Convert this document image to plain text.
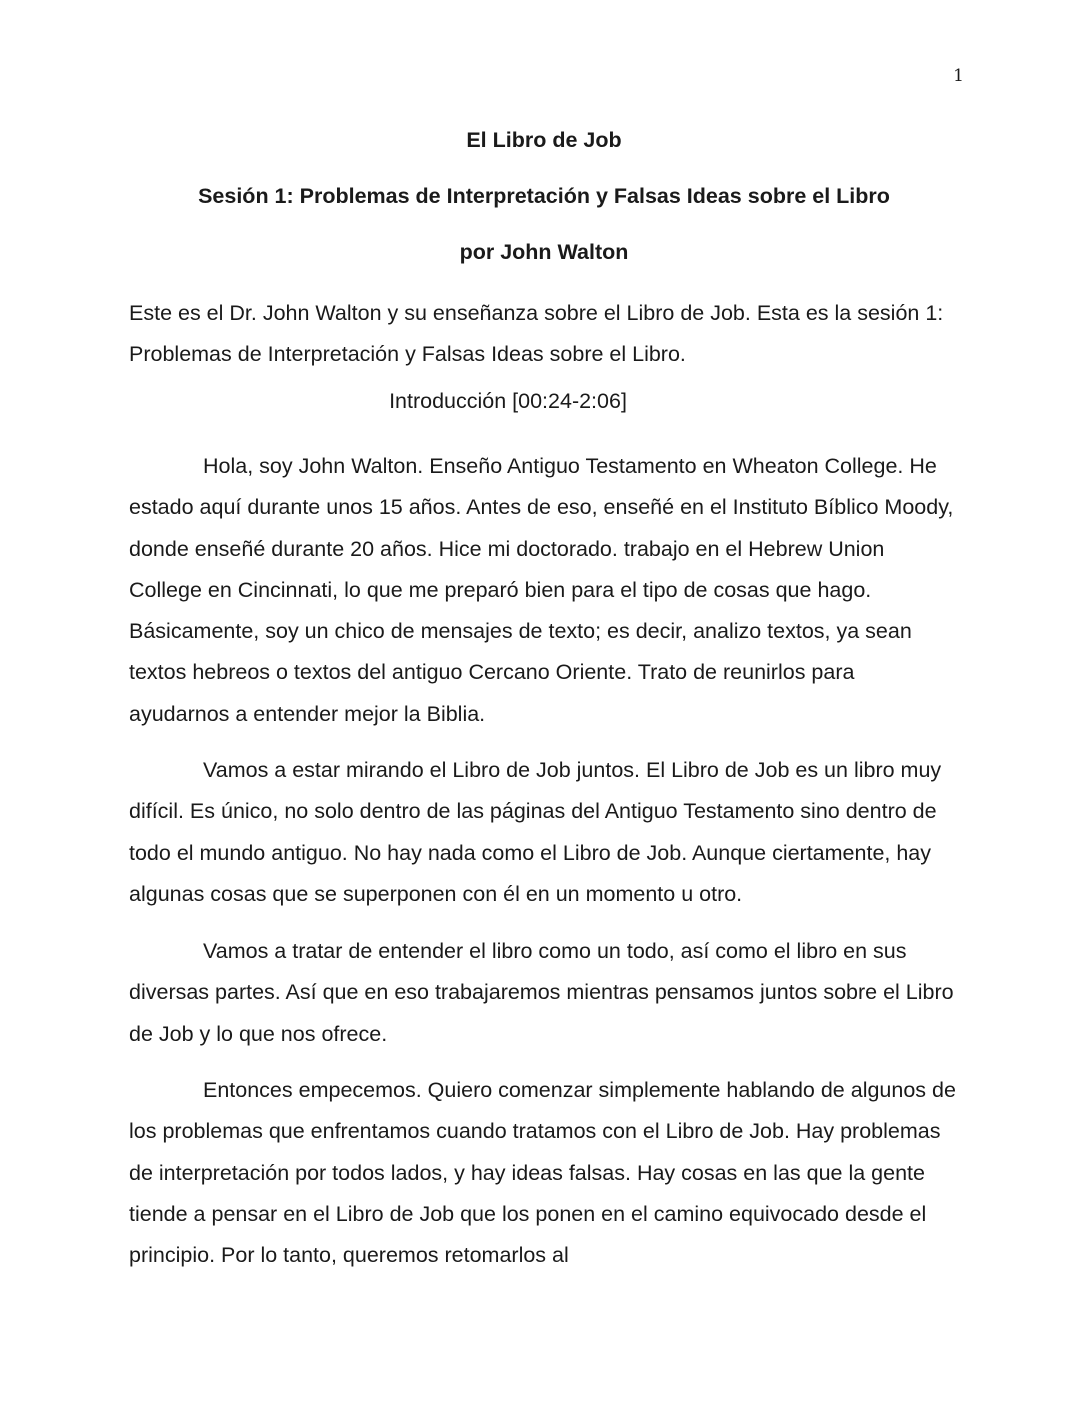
1
El Libro de Job
Sesión 1: Problemas de Interpretación y Falsas Ideas sobre el Libro
por John Walton

Este es el Dr. John Walton y su enseñanza sobre el Libro de Job. Esta es la sesión 1: Problemas de Interpretación y Falsas Ideas sobre el Libro.

Introducción [00:24-2:06]

Hola, soy John Walton. Enseño Antiguo Testamento en Wheaton College. He estado aquí durante unos 15 años. Antes de eso, enseñé en el Instituto Bíblico Moody, donde enseñé durante 20 años. Hice mi doctorado. trabajo en el Hebrew Union College en Cincinnati, lo que me preparó bien para el tipo de cosas que hago. Básicamente, soy un chico de mensajes de texto; es decir, analizo textos, ya sean textos hebreos o textos del antiguo Cercano Oriente. Trato de reunirlos para ayudarnos a entender mejor la Biblia.

Vamos a estar mirando el Libro de Job juntos. El Libro de Job es un libro muy difícil. Es único, no solo dentro de las páginas del Antiguo Testamento sino dentro de todo el mundo antiguo. No hay nada como el Libro de Job. Aunque ciertamente, hay algunas cosas que se superponen con él en un momento u otro.

Vamos a tratar de entender el libro como un todo, así como el libro en sus diversas partes. Así que en eso trabajaremos mientras pensamos juntos sobre el Libro de Job y lo que nos ofrece.

Entonces empecemos. Quiero comenzar simplemente hablando de algunos de los problemas que enfrentamos cuando tratamos con el Libro de Job. Hay problemas de interpretación por todos lados, y hay ideas falsas. Hay cosas en las que la gente tiende a pensar en el Libro de Job que los ponen en el camino equivocado desde el principio. Por lo tanto, queremos retomarlos al
